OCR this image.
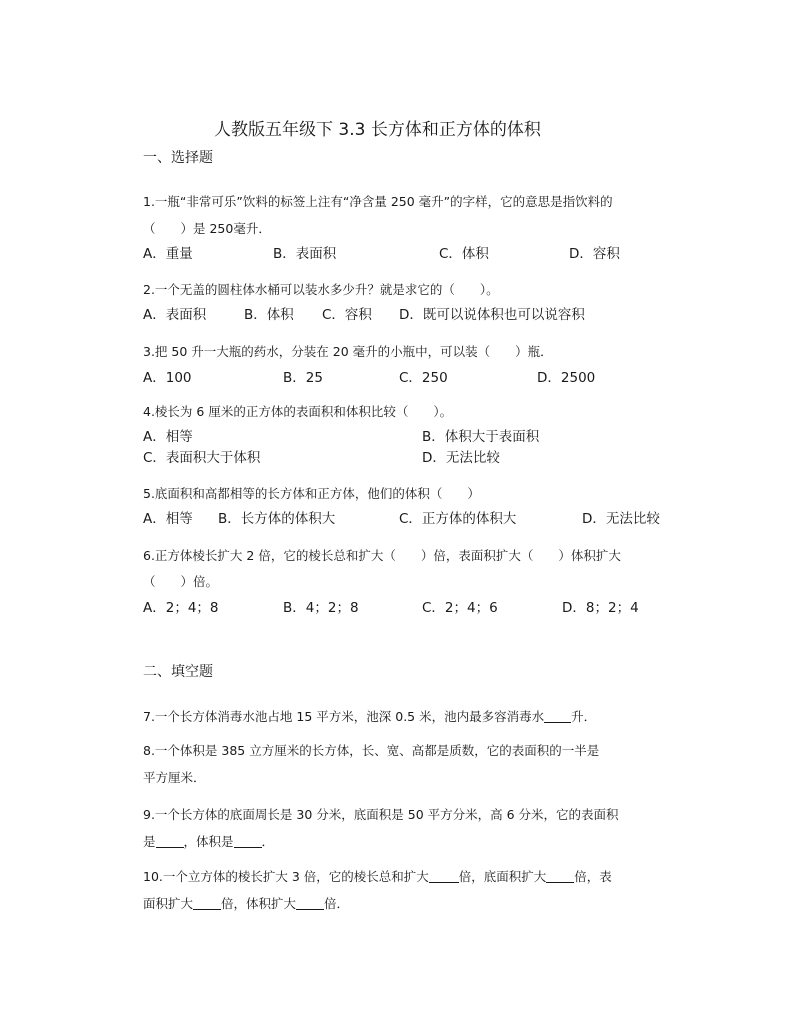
人教版五年级下 3.3 长方体和正方体的体积
一、选择题
1.一瓶“非常可乐”饮料的标签上注有“净含量 250 毫升”的字样，它的意思是指饮料的
（　　）是 250毫升．
A．重量	B．表面积	C．体积	D．容积
2.一个无盖的圆柱体水桶可以装水多少升？就是求它的（　　）。
A．表面积	B．体积 C．容积 D．既可以说体积也可以说容积
3.把 50 升一大瓶的药水，分装在 20 毫升的小瓶中，可以装（　　）瓶．
A．100	B．25	C．250	D．2500
4.棱长为 6 厘米的正方体的表面积和体积比较（　　）。
A．相等	B．体积大于表面积
C．表面积大于体积	D．无法比较
5.底面积和高都相等的长方体和正方体，他们的体积（　　）
A．相等 B．长方体的体积大	C．正方体的体积大	D．无法比较
6.正方体棱长扩大 2 倍，它的棱长总和扩大（　　）倍，表面积扩大（　　）体积扩大
（　　）倍。
A．2；4；8	B．4；2；8	C．2；4；6	D．8；2；4
二、填空题
7.一个长方体消毒水池占地 15 平方米，池深 0.5 米，池内最多容消毒水 升．
8.一个体积是 385 立方厘米的长方体，长、宽、高都是质数，它的表面积的一半是
平方厘米．
9.一个长方体的底面周长是 30 分米，底面积是 50 平方分米，高 6 分米，它的表面积
是 ，体积是 ．
10.一个立方体的棱长扩大 3 倍，它的棱长总和扩大 倍，底面积扩大 倍，表
面积扩大 倍，体积扩大 倍．
